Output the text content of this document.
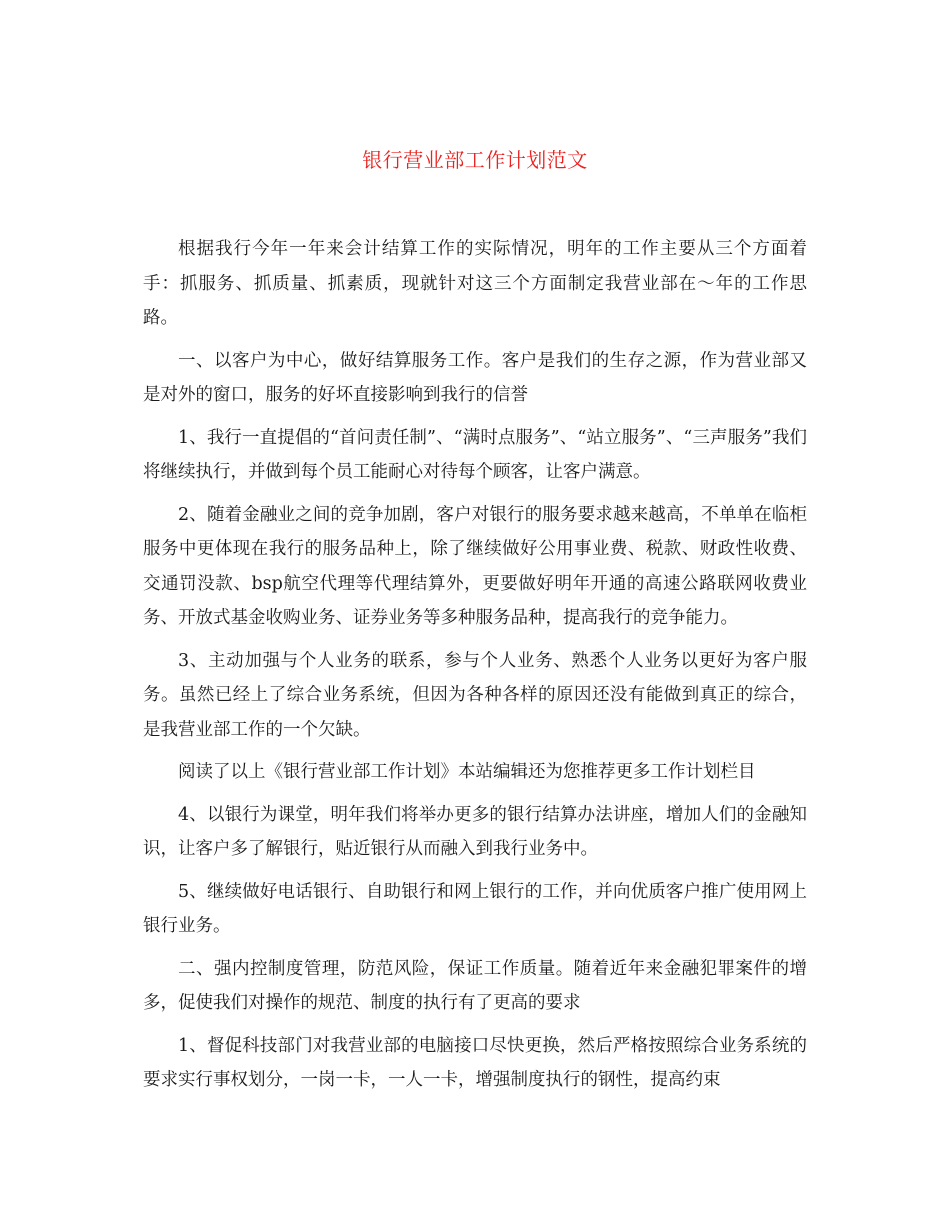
银行营业部工作计划范文

根据我行今年一年来会计结算工作的实际情况，明年的工作主要从三个方面着手：抓服务、抓质量、抓素质，现就针对这三个方面制定我营业部在～年的工作思路。

一、以客户为中心，做好结算服务工作。客户是我们的生存之源，作为营业部又是对外的窗口，服务的好坏直接影响到我行的信誉

1、我行一直提倡的“首问责任制”、“满时点服务”、“站立服务”、“三声服务”我们将继续执行，并做到每个员工能耐心对待每个顾客，让客户满意。

2、随着金融业之间的竞争加剧，客户对银行的服务要求越来越高，不单单在临柜服务中更体现在我行的服务品种上，除了继续做好公用事业费、税款、财政性收费、交通罚没款、bsp航空代理等代理结算外，更要做好明年开通的高速公路联网收费业务、开放式基金收购业务、证券业务等多种服务品种，提高我行的竞争能力。

3、主动加强与个人业务的联系，参与个人业务、熟悉个人业务以更好为客户服务。虽然已经上了综合业务系统，但因为各种各样的原因还没有能做到真正的综合，是我营业部工作的一个欠缺。

阅读了以上《银行营业部工作计划》本站编辑还为您推荐更多工作计划栏目

4、以银行为课堂，明年我们将举办更多的银行结算办法讲座，增加人们的金融知识，让客户多了解银行，贴近银行从而融入到我行业务中。

5、继续做好电话银行、自助银行和网上银行的工作，并向优质客户推广使用网上银行业务。

二、强内控制度管理，防范风险，保证工作质量。随着近年来金融犯罪案件的增多，促使我们对操作的规范、制度的执行有了更高的要求

1、督促科技部门对我营业部的电脑接口尽快更换，然后严格按照综合业务系统的要求实行事权划分，一岗一卡，一人一卡，增强制度执行的钢性，提高约束
